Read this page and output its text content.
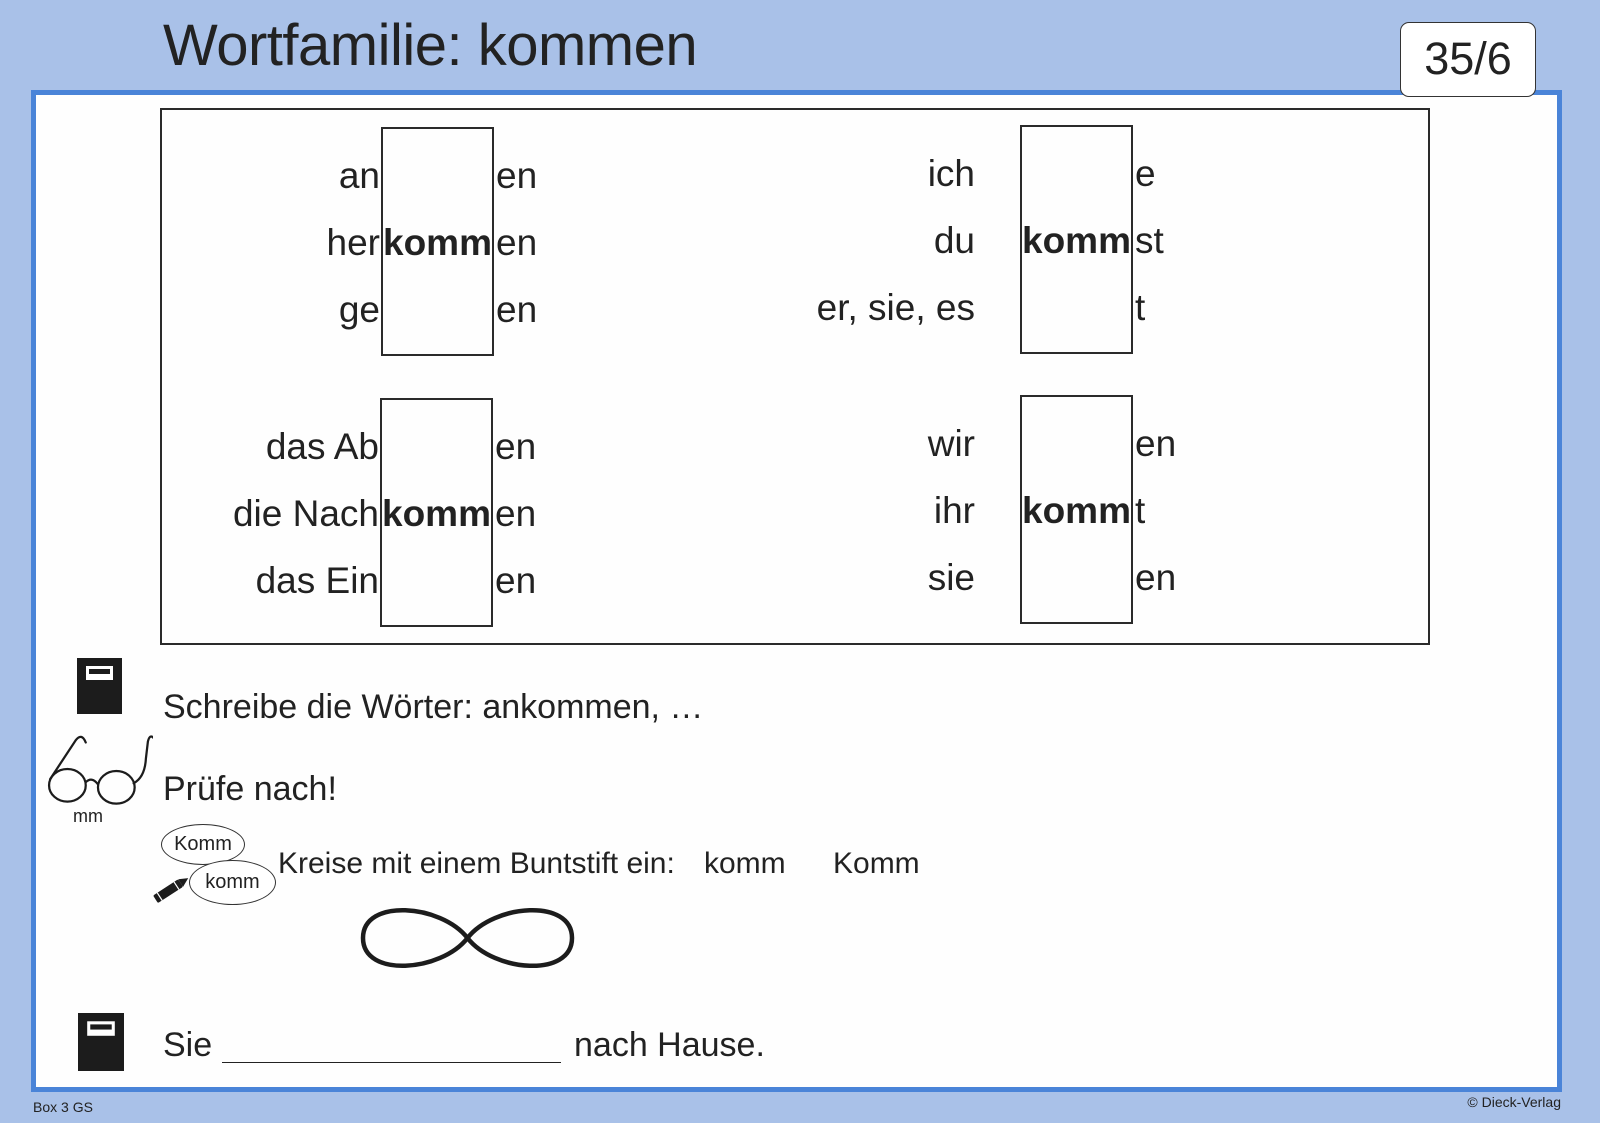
Wortfamilie: kommen	35/6
an	en
her komm en
ge	en
ich	e
du	komm st
er, sie, es	t
das Ab	en
die Nach komm en
das Ein	en
wir	en
ihr	komm t
sie	en
Schreibe die Wörter: ankommen, …
mm
Prüfe nach!
Komm
komm
Kreise mit einem Buntstift ein: komm Komm
Sie	nach Hause.
Box 3 GS	© Dieck-Verlag
